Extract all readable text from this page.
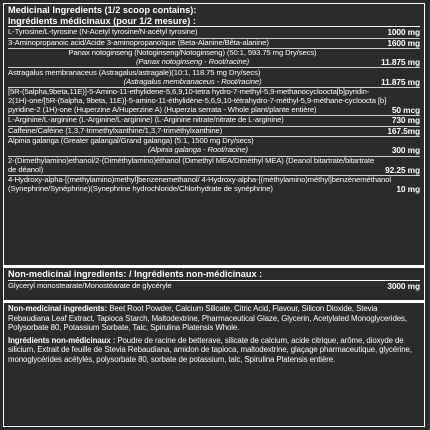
Medicinal Ingredients (1/2 scoop contains):
Ingrédients médicinaux (pour 1/2 mesure) :
L-Tyrosine/L-tyrosine (N-Acetyl tyrosine/N-acétyl tyrosine)	1000 mg
3-Aminopropanoic acid/Acide 3-aminopropanoïque (Beta-Alanine/Bêta-alanine)	1600 mg
Panax notoginseng (Notoginseng/Notoginseng) (50:1, 593.75 mg Dry/secs)
(Panax notoginseng - Root/racine)	11.875 mg
Astragalus membranaceus (Astragalus/astragale)(10:1, 118.75 mg Dry/secs)
(Astragalus membranaceus - Root/racine)	11.875 mg
[5R-(5alpha,9beta,11E)]-5-Amino-11-ethylidene-5,6,9,10-tetra hydro-7-methyl-5,9-methanocycloocta[b]pyridin-2(1H)-one/[5R-(5alpha, 9beta, 11E)]-5-amino-11-éthylidène-5,6,9,10-tétrahydro-7-méthyl-5,9-méthane-cycloocta [b] pyridine-2 (1H)-one (Huperzine A/Huperzine A) (Huperzia serrata - Whole plant/plante entière)	50 mcg
L-Arginine/L-arginine (L-Arginine/L-arginine) (L-Arginine nitrate/nitrate de L-arginine)	730 mg
Caffeine/Caféine (1,3,7-trimethylxanthine/1,3,7-triméthylxanthine)	167.5mg
Alpinia galanga (Greater galangal/Grand galanga) (5:1, 1500 mg Dry/secs)
(Alpinia galanga - Root/racine)	300 mg
2-(Dimethylamino)ethanol/2-(Diméthylamino)éthanol (Dimethyl MEA/Diméthyl MEA) (Deanol bitartrate/bitartrate de déanol)	92.25 mg
4-Hydroxy-alpha-[(methylamino)methyl]benzenemethanol/ 4-Hydroxy-alpha-[(méthylamino)méthyl]benzèneméthanol (Synephrine/Synéphrine)(Synephrine hydrochloride/Chlorhydrate de synéphrine)	10 mg
Non-medicinal ingredients: / Ingrédients non-médicinaux :
Glyceryl monostearate/Monostéarate de glycéryle	3000 mg
Non-medicinal ingredients: Beet Root Powder, Calcium Silicate, Citric Acid, Flavour, Silicon Dioxide, Stevia Rebaudiana Leaf Extract, Tapioca Starch, Maltodextrine, Pharmaceutical Glaze, Glycerin, Acetylated Monoglycerides, Polysorbate 80, Potassium Sorbate, Talc, Spirulina Platensis Whole.
Ingrédients non-médicinaux : Poudre de racine de betterave, silicate de calcium, acide citrique, arôme, dioxyde de silicium, Extrait de feuille de Stevia Rebaudiana, amidon de tapioca, maltodextrine, glaçage pharmaceutique, glycérine, monoglycérides acétylés, polysorbate 80, sorbate de potassium, talc, Spirulina Platensis entière.
